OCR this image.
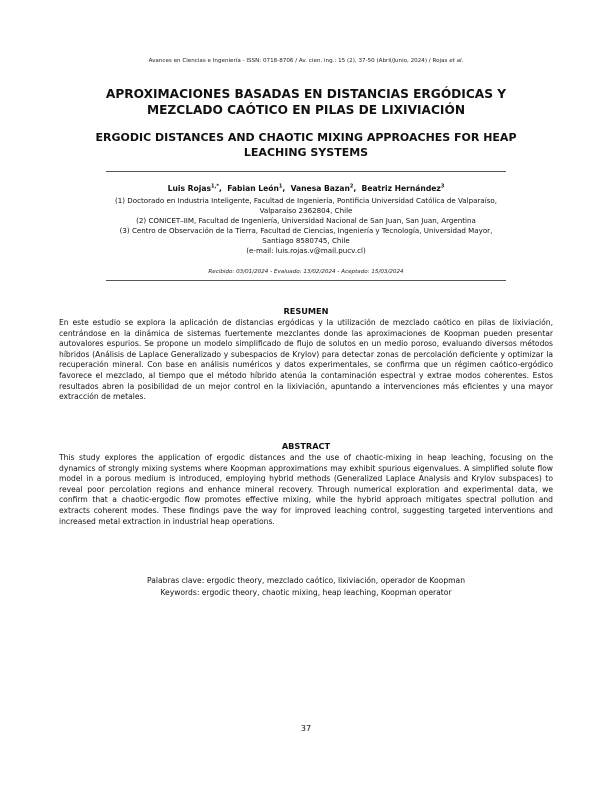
Avances en Ciencias e Ingeniería - ISSN: 0718-8706 / Av. cien. ing.: 15 (2), 37-50 (Abril/Junio, 2024) / Rojas et al.
APROXIMACIONES BASADAS EN DISTANCIAS ERGÓDICAS Y MEZCLADO CAÓTICO EN PILAS DE LIXIVIACIÓN
ERGODIC DISTANCES AND CHAOTIC MIXING APPROACHES FOR HEAP LEACHING SYSTEMS
Luis Rojas$^{1,*}$,  Fabian León$^1$,  Vanesa Bazan$^2$,  Beatriz Hernández$^3$
(1) Doctorado en Industria Inteligente, Facultad de Ingeniería, Pontificia Universidad Católica de Valparaíso, Valparaíso 2362804, Chile
(2) CONICET–IIM, Facultad de Ingeniería, Universidad Nacional de San Juan, San Juan, Argentina
(3) Centro de Observación de la Tierra, Facultad de Ciencias, Ingeniería y Tecnología, Universidad Mayor, Santiago 8580745, Chile
(e-mail: luis.rojas.v@mail.pucv.cl)
Recibido: 03/01/2024 - Evaluado: 13/02/2024 - Aceptado: 15/03/2024
RESUMEN

En este estudio se explora la aplicación de distancias ergódicas y la utilización de mezclado caótico en pilas de lixiviación, centrándose en la dinámica de sistemas fuertemente mezclantes donde las aproximaciones de Koopman pueden presentar autovalores espurios. Se propone un modelo simplificado de flujo de solutos en un medio poroso, evaluando diversos métodos híbridos (Análisis de Laplace Generalizado y subespacios de Krylov) para detectar zonas de percolación deficiente y optimizar la recuperación mineral. Con base en análisis numéricos y datos experimentales, se confirma que un régimen caótico-ergódico favorece el mezclado, al tiempo que el método híbrido atenúa la contaminación espectral y extrae modos coherentes. Estos resultados abren la posibilidad de un mejor control en la lixiviación, apuntando a intervenciones más eficientes y una mayor extracción de metales.

ABSTRACT

This study explores the application of ergodic distances and the use of chaotic-mixing in heap leaching, focusing on the dynamics of strongly mixing systems where Koopman approximations may exhibit spurious eigenvalues. A simplified solute flow model in a porous medium is introduced, employing hybrid methods (Generalized Laplace Analysis and Krylov subspaces) to reveal poor percolation regions and enhance mineral recovery. Through numerical exploration and experimental data, we confirm that a chaotic-ergodic flow promotes effective mixing, while the hybrid approach mitigates spectral pollution and extracts coherent modes. These findings pave the way for improved leaching control, suggesting targeted interventions and increased metal extraction in industrial heap operations.

Palabras clave: ergodic theory, mezclado caótico, lixiviación, operador de Koopman
Keywords: ergodic theory, chaotic mixing, heap leaching, Koopman operator
37
